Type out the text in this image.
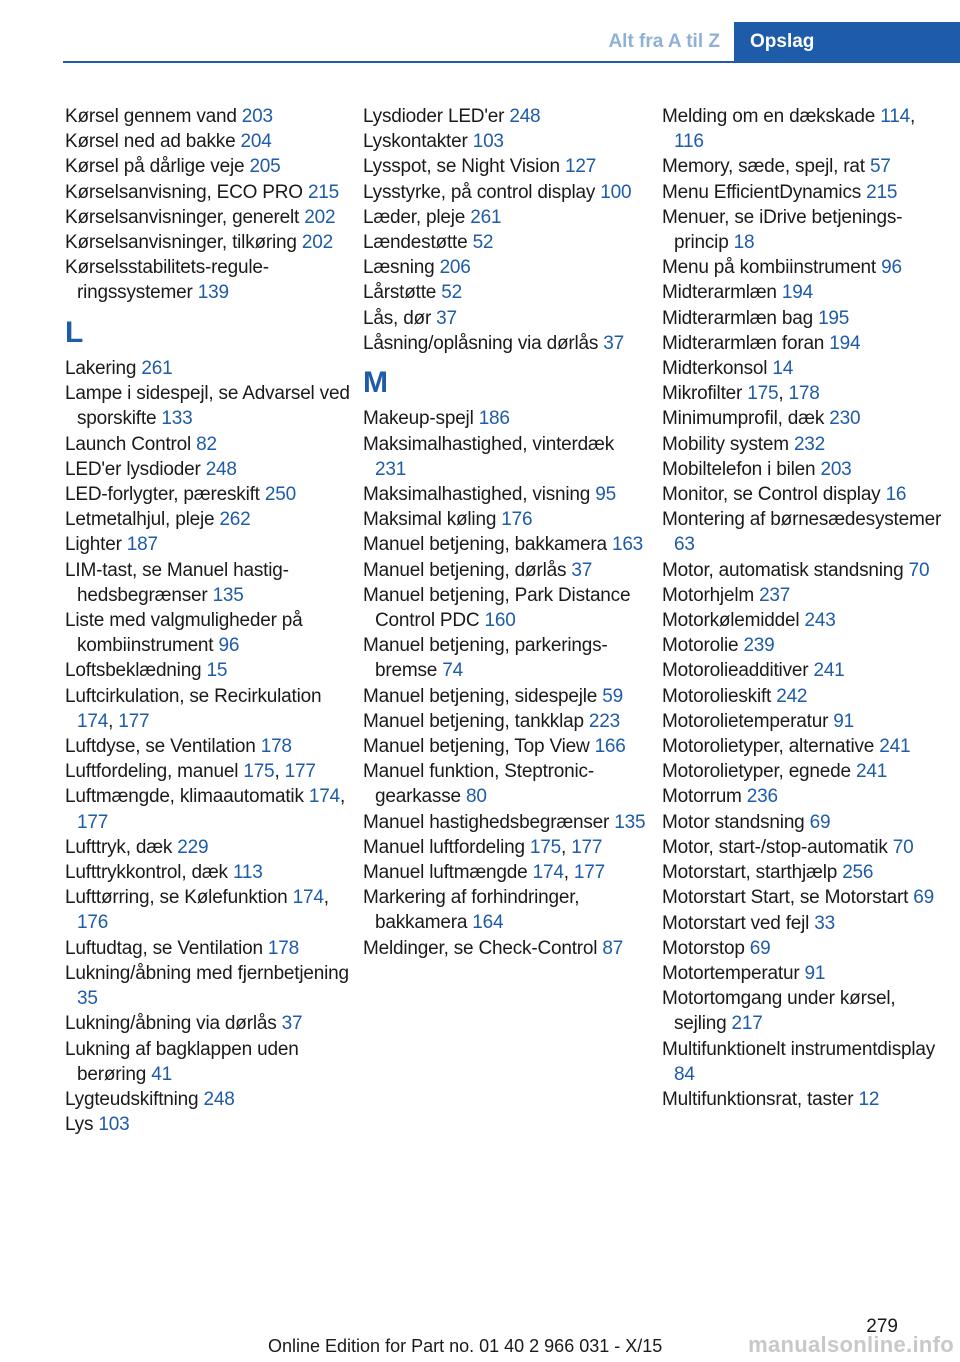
Alt fra A til Z	Opslag
Kørsel gennem vand 203
Kørsel ned ad bakke 204
Kørsel på dårlige veje 205
Kørselsanvisning, ECO PRO 215
Kørselsanvisninger, generelt 202
Kørselsanvisninger, tilkøring 202
Kørselsstabilitets-reguleringssystemer 139
L
Lakering 261
Lampe i sidespejl, se Advarsel ved sporskifte 133
Launch Control 82
LED'er lysdioder 248
LED-forlygter, pæreskift 250
Letmetalhjul, pleje 262
Lighter 187
LIM-tast, se Manuel hastighedsbegrænser 135
Liste med valgmuligheder på kombiinstrument 96
Loftsbeklædning 15
Luftcirkulation, se Recirkulation 174, 177
Luftdyse, se Ventilation 178
Luftfordeling, manuel 175, 177
Luftmængde, klimaautomatik 174, 177
Lufttryk, dæk 229
Lufttrykkontrol, dæk 113
Lufttørring, se Kølefunktion 174, 176
Luftudtag, se Ventilation 178
Lukning/åbning med fjernbetjening 35
Lukning/åbning via dørlås 37
Lukning af bagklappen uden berøring 41
Lygteudskiftning 248
Lys 103
Lysdioder LED'er 248
Lyskontakter 103
Lysspot, se Night Vision 127
Lysstyrke, på control display 100
Læder, pleje 261
Lændestøtte 52
Læsning 206
Lårstøtte 52
Lås, dør 37
Låsning/oplåsning via dørlås 37
M
Makeup-spejl 186
Maksimalhastighed, vinterdæk 231
Maksimalhastighed, visning 95
Maksimal køling 176
Manuel betjening, bakkamera 163
Manuel betjening, dørlås 37
Manuel betjening, Park Distance Control PDC 160
Manuel betjening, parkeringsbremse 74
Manuel betjening, sidespejle 59
Manuel betjening, tankklap 223
Manuel betjening, Top View 166
Manuel funktion, Steptronic-gearkasse 80
Manuel hastighedsbegrænser 135
Manuel luftfordeling 175, 177
Manuel luftmængde 174, 177
Markering af forhindringer, bakkamera 164
Meldinger, se Check-Control 87
Melding om en dækskade 114, 116
Memory, sæde, spejl, rat 57
Menu EfficientDynamics 215
Menuer, se iDrive betjeningsprincip 18
Menu på kombiinstrument 96
Midterarmlæn 194
Midterarmlæn bag 195
Midterarmlæn foran 194
Midterkonsol 14
Mikrofilter 175, 178
Minimumprofil, dæk 230
Mobility system 232
Mobiltelefon i bilen 203
Monitor, se Control display 16
Montering af børnesædesystemer 63
Motor, automatisk standsning 70
Motorhjelm 237
Motorkølemiddel 243
Motorolie 239
Motorolieadditiver 241
Motorolieskift 242
Motorolietemperatur 91
Motorolietyper, alternative 241
Motorolietyper, egnede 241
Motorrum 236
Motor standsning 69
Motor, start-/stop-automatik 70
Motorstart, starthjælp 256
Motorstart Start, se Motorstart 69
Motorstart ved fejl 33
Motorstop 69
Motortemperatur 91
Motortomgang under kørsel, sejling 217
Multifunktionelt instrumentdisplay 84
Multifunktionsrat, taster 12
279
Online Edition for Part no. 01 40 2 966 031 - X/15	manualsonline.info
